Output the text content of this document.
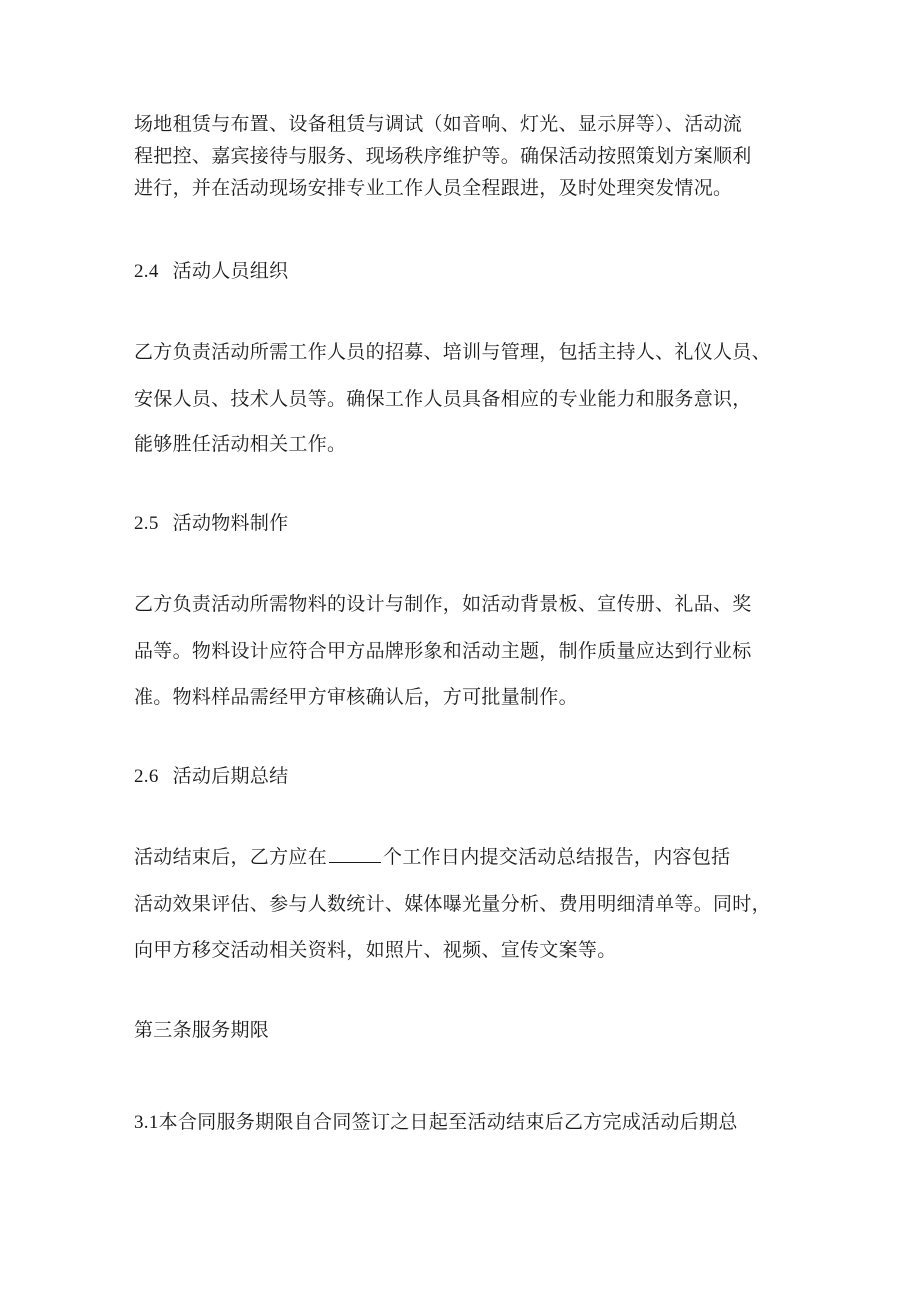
场地租赁与布置、设备租赁与调试（如音响、灯光、显示屏等）、活动流
程把控、嘉宾接待与服务、现场秩序维护等。确保活动按照策划方案顺利
进行，并在活动现场安排专业工作人员全程跟进，及时处理突发情况。
2.4 活动人员组织
乙方负责活动所需工作人员的招募、培训与管理，包括主持人、礼仪人员、
安保人员、技术人员等。确保工作人员具备相应的专业能力和服务意识，
能够胜任活动相关工作。
2.5 活动物料制作
乙方负责活动所需物料的设计与制作，如活动背景板、宣传册、礼品、奖
品等。物料设计应符合甲方品牌形象和活动主题，制作质量应达到行业标
准。物料样品需经甲方审核确认后，方可批量制作。
2.6 活动后期总结
活动结束后，乙方应在	个工作日内提交活动总结报告，内容包括
活动效果评估、参与人数统计、媒体曝光量分析、费用明细清单等。同时，
向甲方移交活动相关资料，如照片、视频、宣传文案等。
第三条服务期限
3.1本合同服务期限自合同签订之日起至活动结束后乙方完成活动后期总
